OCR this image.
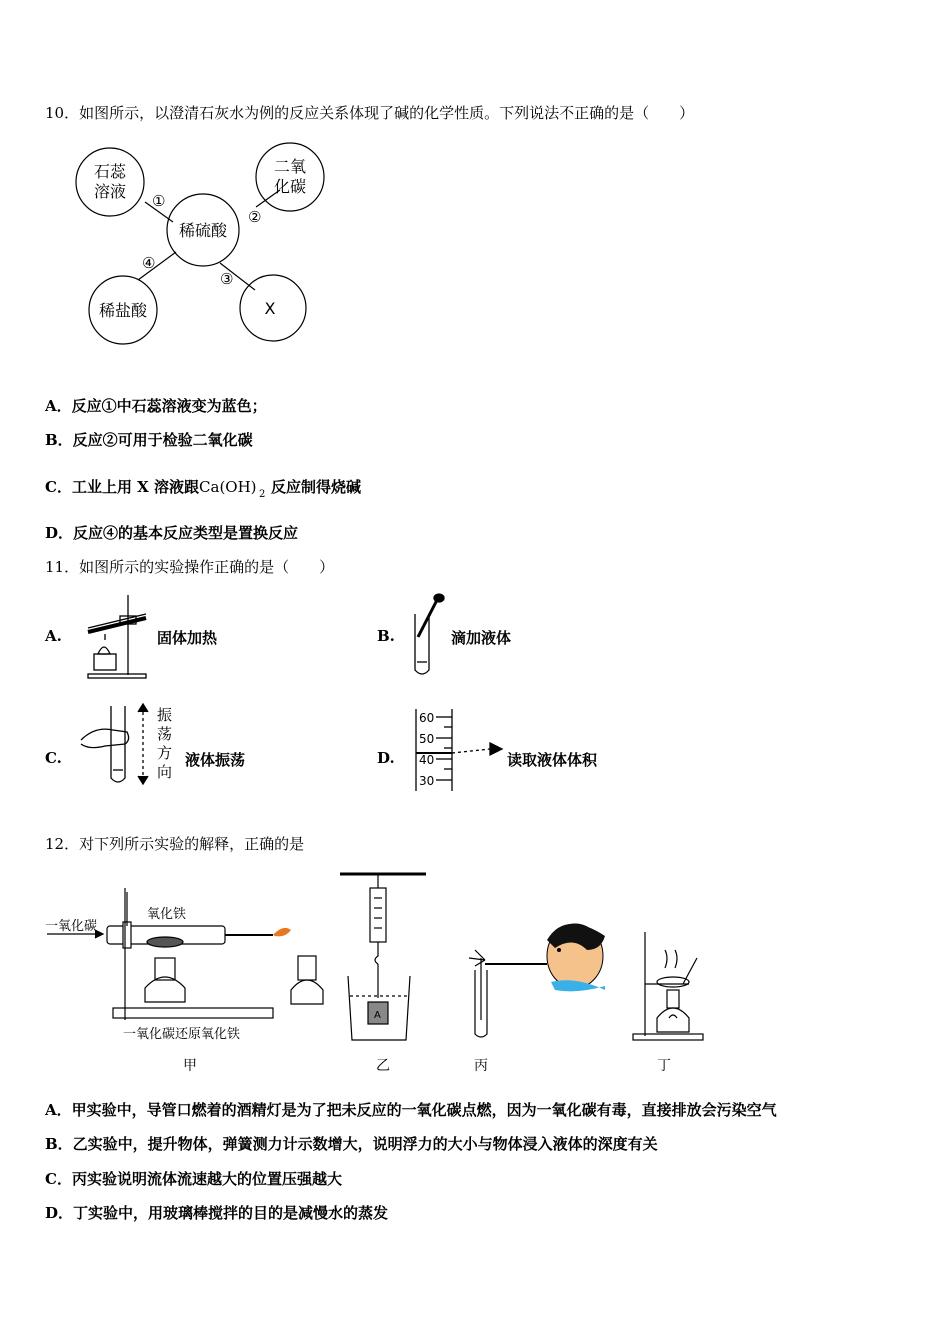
10．如图所示，以澄清石灰水为例的反应关系体现了碱的化学性质。下列说法不正确的是（　　）
石蕊
溶液
二氧
化碳
稀硫酸
稀盐酸	X
①
②
③
④
A．反应①中石蕊溶液变为蓝色；
B．反应②可用于检验二氧化碳
C．工业上用 X 溶液跟 Ca(OH) 2 反应制得烧碱
D．反应④的基本反应类型是置换反应
11．如图所示的实验操作正确的是（　　）
A.	固体加热	B.	滴加液体
C.
振
荡
方
向
液体振荡	D.
60
50
40
30
读取液体体积
12．对下列所示实验的解释，正确的是
一氧化碳
氧化铁
一氧化碳还原氧化铁
甲
A
乙	丙	丁
A．甲实验中，导管口燃着的酒精灯是为了把未反应的一氧化碳点燃，因为一氧化碳有毒，直接排放会污染空气
B．乙实验中，提升物体，弹簧测力计示数增大，说明浮力的大小与物体浸入液体的深度有关
C．丙实验说明流体流速越大的位置压强越大
D．丁实验中，用玻璃棒搅拌的目的是减慢水的蒸发
